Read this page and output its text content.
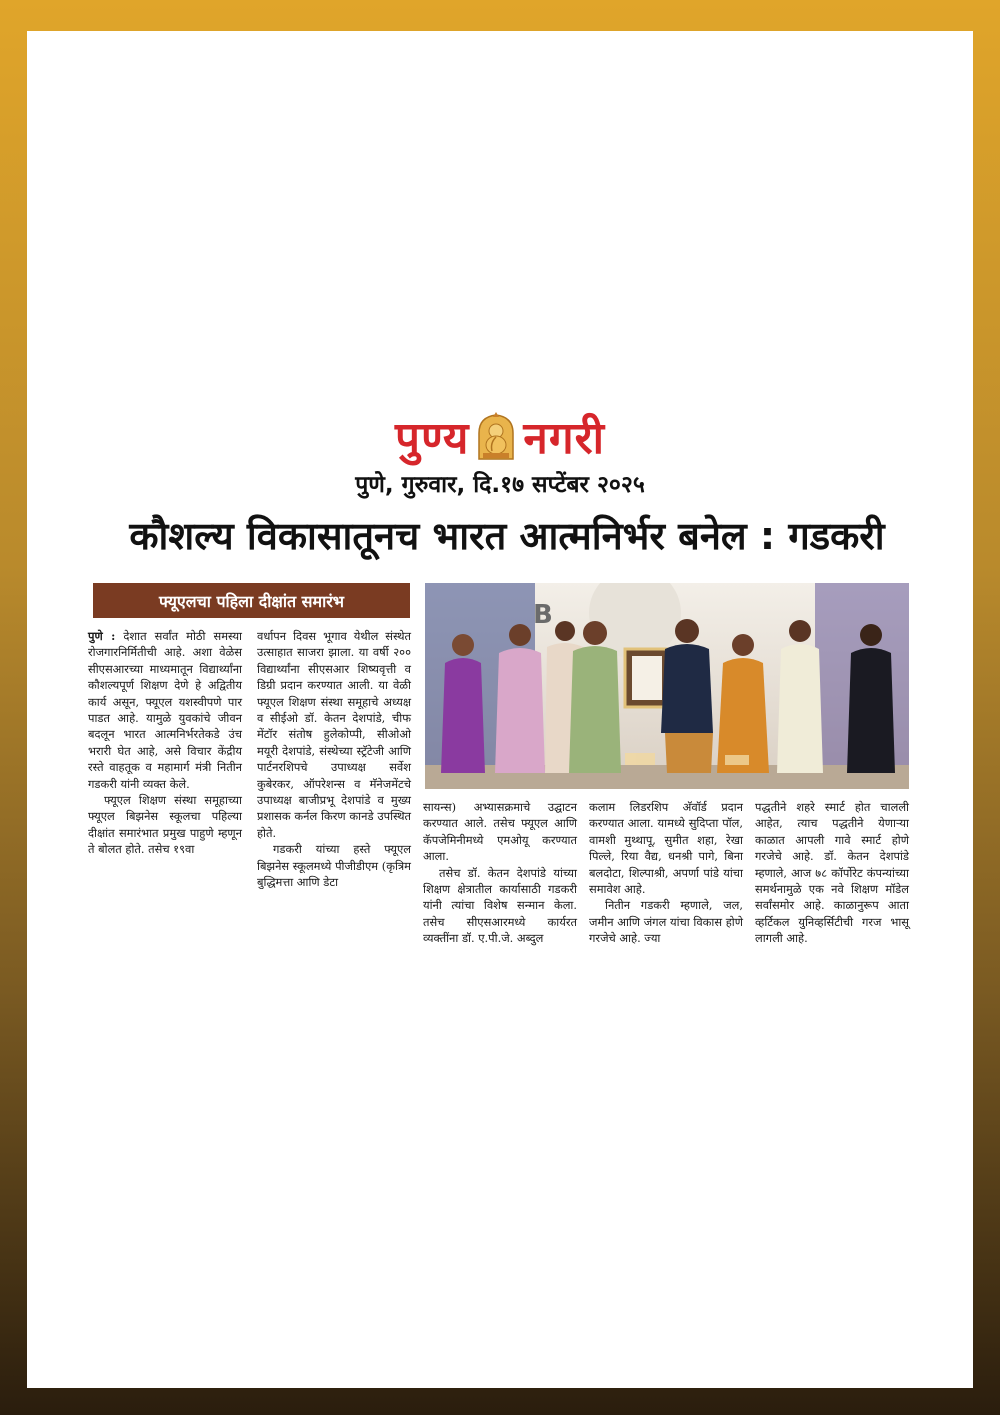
पुण्य नगरी
पुणे, गुरुवार, दि.१७ सप्टेंबर २०२५
कौशल्य विकासातूनच भारत आत्मनिर्भर बनेल : गडकरी
फ्यूएलचा पहिला दीक्षांत समारंभ	B

पुणे : देशात सर्वांत मोठी समस्या रोजगारनिर्मितीची आहे. अशा वेळेस सीएसआरच्या माध्यमातून विद्यार्थ्यांना कौशल्यपूर्ण शिक्षण देणे हे अद्वितीय कार्य असून, फ्यूएल यशस्वीपणे पार पाडत आहे. यामुळे युवकांचे जीवन बदलून भारत आत्मनिर्भरतेकडे उंच भरारी घेत आहे, असे विचार केंद्रीय रस्ते वाहतूक व महामार्ग मंत्री नितीन गडकरी यांनी व्यक्त केले.

फ्यूएल शिक्षण संस्था समूहाच्या फ्यूएल बिझनेस स्कूलचा पहिल्या दीक्षांत समारंभात प्रमुख पाहुणे म्हणून ते बोलत होते. तसेच १९वा

वर्धापन दिवस भूगाव येथील संस्थेत उत्साहात साजरा झाला. या वर्षी २०० विद्यार्थ्यांना सीएसआर शिष्यवृत्ती व डिग्री प्रदान करण्यात आली. या वेळी फ्यूएल शिक्षण संस्था समूहाचे अध्यक्ष व सीईओ डॉ. केतन देशपांडे, चीफ मेंटॉर संतोष हुलेकोप्पी, सीओओ मयूरी देशपांडे, संस्थेच्या स्ट्रॅटेजी आणि पार्टनरशिपचे उपाध्यक्ष सर्वेश कुबेरकर, ऑपरेशन्स व मॅनेजमेंटचे उपाध्यक्ष बाजीप्रभू देशपांडे व मुख्य प्रशासक कर्नल किरण कानडे उपस्थित होते.

गडकरी यांच्या हस्ते फ्यूएल बिझनेस स्कूलमध्ये पीजीडीएम (कृत्रिम बुद्धिमत्ता आणि डेटा

सायन्स) अभ्यासक्रमाचे उद्घाटन करण्यात आले. तसेच फ्यूएल आणि कॅपजेमिनीमध्ये एमओयू करण्यात आला.

तसेच डॉ. केतन देशपांडे यांच्या शिक्षण क्षेत्रातील कार्यासाठी गडकरी यांनी त्यांचा विशेष सन्मान केला. तसेच सीएसआरमध्ये कार्यरत व्यक्तींना डॉ. ए.पी.जे. अब्दुल

कलाम लिडरशिप अ‍ॅवॉर्ड प्रदान करण्यात आला. यामध्ये सुदिप्ता पॉल, वामशी मुथ्थापू, सुमीत शहा, रेखा पिल्ले, रिया वैद्य, धनश्री पागे, बिना बलदोटा, शिल्पाश्री, अपर्णा पांडे यांचा समावेश आहे.

नितीन गडकरी म्हणाले, जल, जमीन आणि जंगल यांचा विकास होणे गरजेचे आहे. ज्या

पद्धतीने शहरे स्मार्ट होत चालली आहेत, त्याच पद्धतीने येणाऱ्या काळात आपली गावे स्मार्ट होणे गरजेचे आहे. डॉ. केतन देशपांडे म्हणाले, आज ७८ कॉर्पोरेट कंपन्यांच्या समर्थनामुळे एक नवे शिक्षण मॉडेल सर्वांसमोर आहे. काळानुरूप आता व्हर्टिकल युनिव्हर्सिटीची गरज भासू लागली आहे.
